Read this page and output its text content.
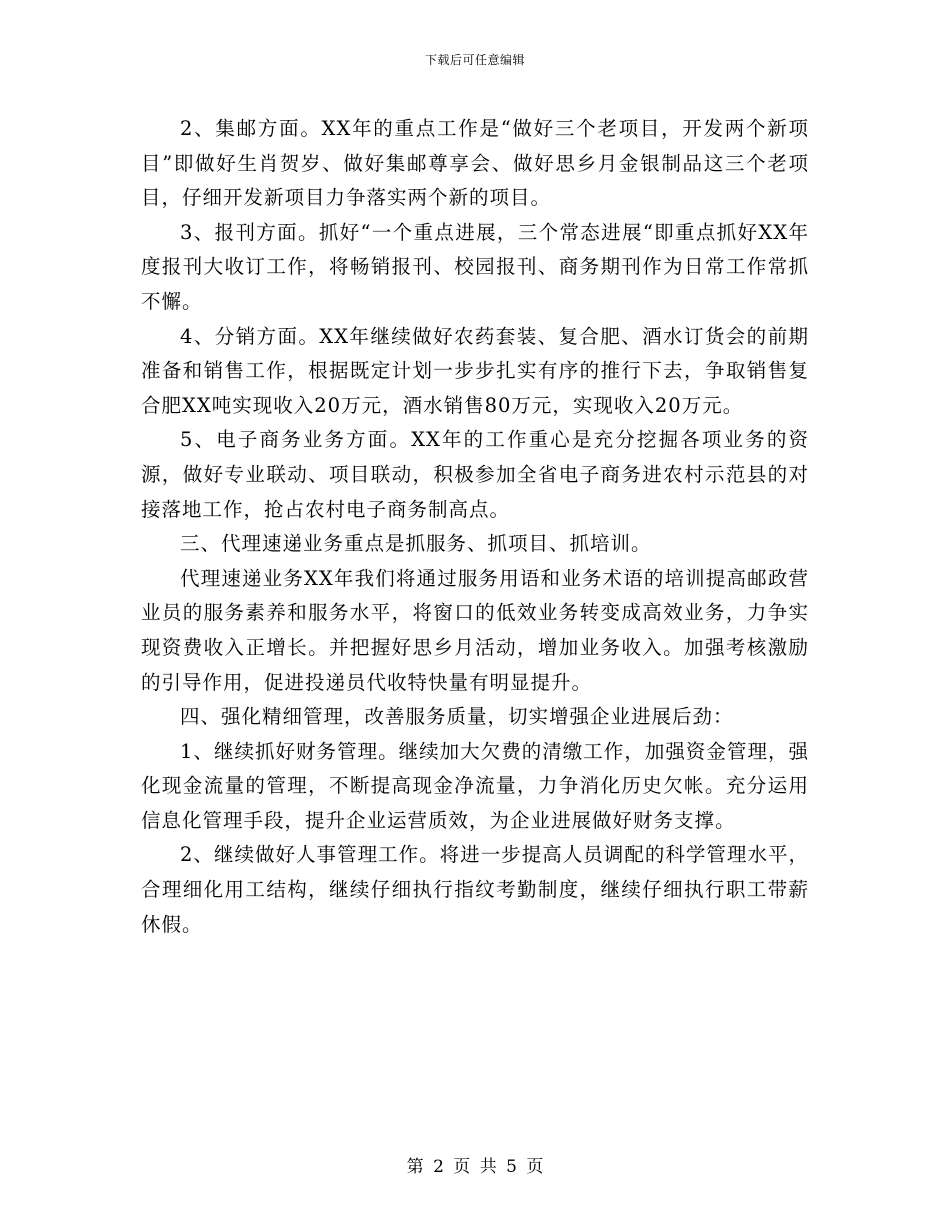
下载后可任意编辑

2、集邮方面。XX年的重点工作是“做好三个老项目，开发两个新项目”即做好生肖贺岁、做好集邮尊享会、做好思乡月金银制品这三个老项目，仔细开发新项目力争落实两个新的项目。

3、报刊方面。抓好“一个重点进展，三个常态进展“即重点抓好XX年度报刊大收订工作，将畅销报刊、校园报刊、商务期刊作为日常工作常抓不懈。

4、分销方面。XX年继续做好农药套装、复合肥、酒水订货会的前期准备和销售工作，根据既定计划一步步扎实有序的推行下去，争取销售复合肥XX吨实现收入20万元，酒水销售80万元，实现收入20万元。

5、电子商务业务方面。XX年的工作重心是充分挖掘各项业务的资源，做好专业联动、项目联动，积极参加全省电子商务进农村示范县的对接落地工作，抢占农村电子商务制高点。

三、代理速递业务重点是抓服务、抓项目、抓培训。

代理速递业务XX年我们将通过服务用语和业务术语的培训提高邮政营业员的服务素养和服务水平，将窗口的低效业务转变成高效业务，力争实现资费收入正增长。并把握好思乡月活动，增加业务收入。加强考核激励的引导作用，促进投递员代收特快量有明显提升。

四、强化精细管理，改善服务质量，切实增强企业进展后劲：

1、继续抓好财务管理。继续加大欠费的清缴工作，加强资金管理，强化现金流量的管理，不断提高现金净流量，力争消化历史欠帐。充分运用信息化管理手段，提升企业运营质效，为企业进展做好财务支撑。

2、继续做好人事管理工作。将进一步提高人员调配的科学管理水平，合理细化用工结构，继续仔细执行指纹考勤制度，继续仔细执行职工带薪休假。

第 2 页 共 5 页
